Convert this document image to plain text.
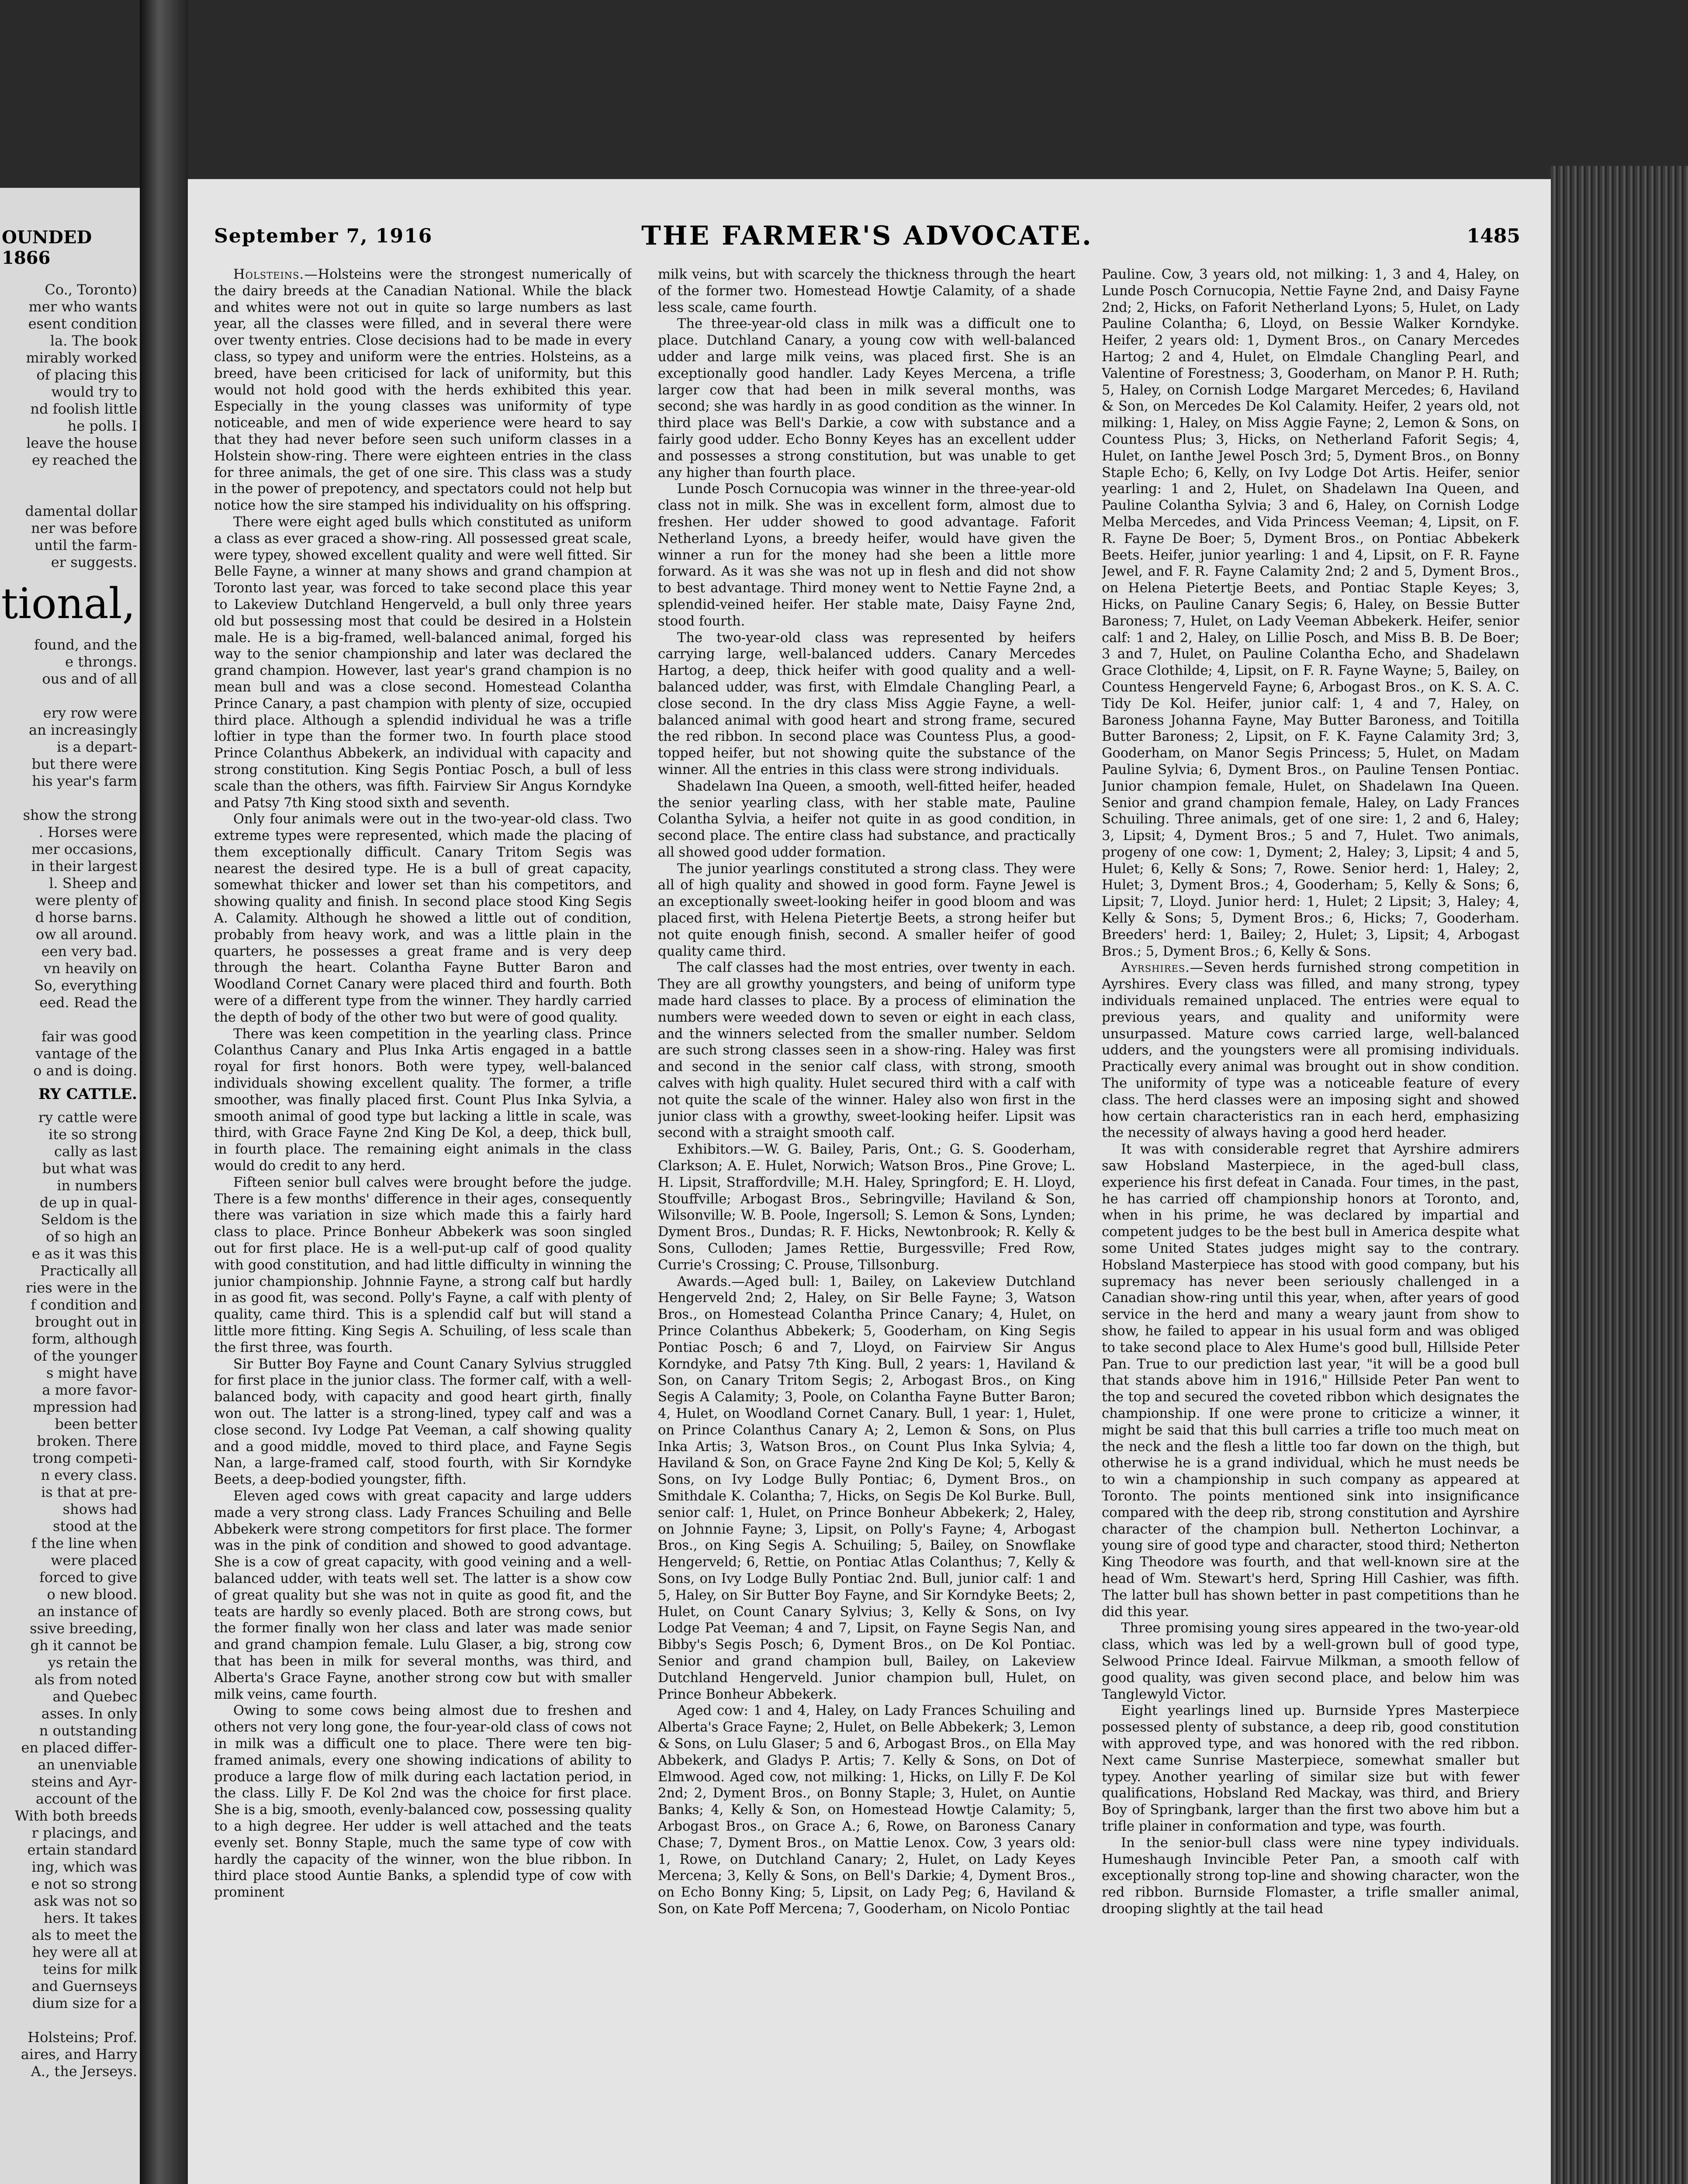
OUNDED 1866
Co., Toronto)
mer who wants
esent condition
la. The book
mirably worked
of placing this
would try to
nd foolish little
he polls. I
leave the house
ey reached the
damental dollar
ner was before
until the farm-
er suggests.
tional,
found, and the
e throngs.
ous and of all

ery row were
an increasingly
is a depart-
but there were
his year's farm

show the strong
. Horses were
mer occasions,
in their largest
l. Sheep and
were plenty of
d horse barns.
ow all around.
een very bad.
vn heavily on
So, everything
eed. Read the

fair was good
vantage of the
o and is doing.
RY CATTLE.
ry cattle were
ite so strong
cally as last
but what was
in numbers
de up in qual-
Seldom is the
of so high an
e as it was this
Practically all
ries were in the
f condition and
brought out in
form, although
of the younger
s might have
a more favor-
mpression had
been better
broken. There
trong competi-
n every class.
is that at pre-
shows had
stood at the
f the line when
were placed
forced to give
o new blood.
an instance of
ssive breeding,
gh it cannot be
ys retain the
als from noted
and Quebec
asses. In only
n outstanding
en placed differ-
an unenviable
steins and Ayr-
account of the
With both breeds
r placings, and
ertain standard
ing, which was
e not so strong
ask was not so
hers. It takes
als to meet the
hey were all at
teins for milk
and Guernseys
dium size for a

Holsteins; Prof.
aires, and Harry
A., the Jerseys.
September 7, 1916	THE FARMER'S ADVOCATE.	1485

Holsteins.—Holsteins were the strongest numerically of the dairy breeds at the Canadian National. While the black and whites were not out in quite so large numbers as last year, all the classes were filled, and in several there were over twenty entries. Close decisions had to be made in every class, so typey and uniform were the entries. Holsteins, as a breed, have been criticised for lack of uniformity, but this would not hold good with the herds exhibited this year. Especially in the young classes was uniformity of type noticeable, and men of wide experience were heard to say that they had never before seen such uniform classes in a Holstein show-ring. There were eighteen entries in the class for three animals, the get of one sire. This class was a study in the power of prepotency, and spectators could not help but notice how the sire stamped his individuality on his offspring.

There were eight aged bulls which constituted as uniform a class as ever graced a show-ring. All possessed great scale, were typey, showed excellent quality and were well fitted. Sir Belle Fayne, a winner at many shows and grand champion at Toronto last year, was forced to take second place this year to Lakeview Dutchland Hengerveld, a bull only three years old but possessing most that could be desired in a Holstein male. He is a big-framed, well-balanced animal, forged his way to the senior championship and later was declared the grand champion. However, last year's grand champion is no mean bull and was a close second. Homestead Colantha Prince Canary, a past champion with plenty of size, occupied third place. Although a splendid individual he was a trifle loftier in type than the former two. In fourth place stood Prince Colanthus Abbekerk, an individual with capacity and strong constitution. King Segis Pontiac Posch, a bull of less scale than the others, was fifth. Fairview Sir Angus Korndyke and Patsy 7th King stood sixth and seventh.

Only four animals were out in the two-year-old class. Two extreme types were represented, which made the placing of them exceptionally difficult. Canary Tritom Segis was nearest the desired type. He is a bull of great capacity, somewhat thicker and lower set than his competitors, and showing quality and finish. In second place stood King Segis A. Calamity. Although he showed a little out of condition, probably from heavy work, and was a little plain in the quarters, he possesses a great frame and is very deep through the heart. Colantha Fayne Butter Baron and Woodland Cornet Canary were placed third and fourth. Both were of a different type from the winner. They hardly carried the depth of body of the other two but were of good quality.

There was keen competition in the yearling class. Prince Colanthus Canary and Plus Inka Artis engaged in a battle royal for first honors. Both were typey, well-balanced individuals showing excellent quality. The former, a trifle smoother, was finally placed first. Count Plus Inka Sylvia, a smooth animal of good type but lacking a little in scale, was third, with Grace Fayne 2nd King De Kol, a deep, thick bull, in fourth place. The remaining eight animals in the class would do credit to any herd.

Fifteen senior bull calves were brought before the judge. There is a few months' difference in their ages, consequently there was variation in size which made this a fairly hard class to place. Prince Bonheur Abbekerk was soon singled out for first place. He is a well-put-up calf of good quality with good constitution, and had little difficulty in winning the junior championship. Johnnie Fayne, a strong calf but hardly in as good fit, was second. Polly's Fayne, a calf with plenty of quality, came third. This is a splendid calf but will stand a little more fitting. King Segis A. Schuiling, of less scale than the first three, was fourth.

Sir Butter Boy Fayne and Count Canary Sylvius struggled for first place in the junior class. The former calf, with a well-balanced body, with capacity and good heart girth, finally won out. The latter is a strong-lined, typey calf and was a close second. Ivy Lodge Pat Veeman, a calf showing quality and a good middle, moved to third place, and Fayne Segis Nan, a large-framed calf, stood fourth, with Sir Korndyke Beets, a deep-bodied youngster, fifth.

Eleven aged cows with great capacity and large udders made a very strong class. Lady Frances Schuiling and Belle Abbekerk were strong competitors for first place. The former was in the pink of condition and showed to good advantage. She is a cow of great capacity, with good veining and a well-balanced udder, with teats well set. The latter is a show cow of great quality but she was not in quite as good fit, and the teats are hardly so evenly placed. Both are strong cows, but the former finally won her class and later was made senior and grand champion female. Lulu Glaser, a big, strong cow that has been in milk for several months, was third, and Alberta's Grace Fayne, another strong cow but with smaller milk veins, came fourth.

Owing to some cows being almost due to freshen and others not very long gone, the four-year-old class of cows not in milk was a difficult one to place. There were ten big-framed animals, every one showing indications of ability to produce a large flow of milk during each lactation period, in the class. Lilly F. De Kol 2nd was the choice for first place. She is a big, smooth, evenly-balanced cow, possessing quality to a high degree. Her udder is well attached and the teats evenly set. Bonny Staple, much the same type of cow with hardly the capacity of the winner, won the blue ribbon. In third place stood Auntie Banks, a splendid type of cow with prominent

milk veins, but with scarcely the thickness through the heart of the former two. Homestead Howtje Calamity, of a shade less scale, came fourth.

The three-year-old class in milk was a difficult one to place. Dutchland Canary, a young cow with well-balanced udder and large milk veins, was placed first. She is an exceptionally good handler. Lady Keyes Mercena, a trifle larger cow that had been in milk several months, was second; she was hardly in as good condition as the winner. In third place was Bell's Darkie, a cow with substance and a fairly good udder. Echo Bonny Keyes has an excellent udder and possesses a strong constitution, but was unable to get any higher than fourth place.

Lunde Posch Cornucopia was winner in the three-year-old class not in milk. She was in excellent form, almost due to freshen. Her udder showed to good advantage. Faforit Netherland Lyons, a breedy heifer, would have given the winner a run for the money had she been a little more forward. As it was she was not up in flesh and did not show to best advantage. Third money went to Nettie Fayne 2nd, a splendid-veined heifer. Her stable mate, Daisy Fayne 2nd, stood fourth.

The two-year-old class was represented by heifers carrying large, well-balanced udders. Canary Mercedes Hartog, a deep, thick heifer with good quality and a well-balanced udder, was first, with Elmdale Changling Pearl, a close second. In the dry class Miss Aggie Fayne, a well-balanced animal with good heart and strong frame, secured the red ribbon. In second place was Countess Plus, a good-topped heifer, but not showing quite the substance of the winner. All the entries in this class were strong individuals.

Shadelawn Ina Queen, a smooth, well-fitted heifer, headed the senior yearling class, with her stable mate, Pauline Colantha Sylvia, a heifer not quite in as good condition, in second place. The entire class had substance, and practically all showed good udder formation.

The junior yearlings constituted a strong class. They were all of high quality and showed in good form. Fayne Jewel is an exceptionally sweet-looking heifer in good bloom and was placed first, with Helena Pietertje Beets, a strong heifer but not quite enough finish, second. A smaller heifer of good quality came third.

The calf classes had the most entries, over twenty in each. They are all growthy youngsters, and being of uniform type made hard classes to place. By a process of elimination the numbers were weeded down to seven or eight in each class, and the winners selected from the smaller number. Seldom are such strong classes seen in a show-ring. Haley was first and second in the senior calf class, with strong, smooth calves with high quality. Hulet secured third with a calf with not quite the scale of the winner. Haley also won first in the junior class with a growthy, sweet-looking heifer. Lipsit was second with a straight smooth calf.

Exhibitors.—W. G. Bailey, Paris, Ont.; G. S. Gooderham, Clarkson; A. E. Hulet, Norwich; Watson Bros., Pine Grove; L. H. Lipsit, Straffordville; M.H. Haley, Springford; E. H. Lloyd, Stouffville; Arbogast Bros., Sebringville; Haviland & Son, Wilsonville; W. B. Poole, Ingersoll; S. Lemon & Sons, Lynden; Dyment Bros., Dundas; R. F. Hicks, Newtonbrook; R. Kelly & Sons, Culloden; James Rettie, Burgessville; Fred Row, Currie's Crossing; C. Prouse, Tillsonburg.

Awards.—Aged bull: 1, Bailey, on Lakeview Dutchland Hengerveld 2nd; 2, Haley, on Sir Belle Fayne; 3, Watson Bros., on Homestead Colantha Prince Canary; 4, Hulet, on Prince Colanthus Abbekerk; 5, Gooderham, on King Segis Pontiac Posch; 6 and 7, Lloyd, on Fairview Sir Angus Korndyke, and Patsy 7th King. Bull, 2 years: 1, Haviland & Son, on Canary Tritom Segis; 2, Arbogast Bros., on King Segis A Calamity; 3, Poole, on Colantha Fayne Butter Baron; 4, Hulet, on Woodland Cornet Canary. Bull, 1 year: 1, Hulet, on Prince Colanthus Canary A; 2, Lemon & Sons, on Plus Inka Artis; 3, Watson Bros., on Count Plus Inka Sylvia; 4, Haviland & Son, on Grace Fayne 2nd King De Kol; 5, Kelly & Sons, on Ivy Lodge Bully Pontiac; 6, Dyment Bros., on Smithdale K. Colantha; 7, Hicks, on Segis De Kol Burke. Bull, senior calf: 1, Hulet, on Prince Bonheur Abbekerk; 2, Haley, on Johnnie Fayne; 3, Lipsit, on Polly's Fayne; 4, Arbogast Bros., on King Segis A. Schuiling; 5, Bailey, on Snowflake Hengerveld; 6, Rettie, on Pontiac Atlas Colanthus; 7, Kelly & Sons, on Ivy Lodge Bully Pontiac 2nd. Bull, junior calf: 1 and 5, Haley, on Sir Butter Boy Fayne, and Sir Korndyke Beets; 2, Hulet, on Count Canary Sylvius; 3, Kelly & Sons, on Ivy Lodge Pat Veeman; 4 and 7, Lipsit, on Fayne Segis Nan, and Bibby's Segis Posch; 6, Dyment Bros., on De Kol Pontiac. Senior and grand champion bull, Bailey, on Lakeview Dutchland Hengerveld. Junior champion bull, Hulet, on Prince Bonheur Abbekerk.

Aged cow: 1 and 4, Haley, on Lady Frances Schuiling and Alberta's Grace Fayne; 2, Hulet, on Belle Abbekerk; 3, Lemon & Sons, on Lulu Glaser; 5 and 6, Arbogast Bros., on Ella May Abbekerk, and Gladys P. Artis; 7. Kelly & Sons, on Dot of Elmwood. Aged cow, not milking: 1, Hicks, on Lilly F. De Kol 2nd; 2, Dyment Bros., on Bonny Staple; 3, Hulet, on Auntie Banks; 4, Kelly & Son, on Homestead Howtje Calamity; 5, Arbogast Bros., on Grace A.; 6, Rowe, on Baroness Canary Chase; 7, Dyment Bros., on Mattie Lenox. Cow, 3 years old: 1, Rowe, on Dutchland Canary; 2, Hulet, on Lady Keyes Mercena; 3, Kelly & Sons, on Bell's Darkie; 4, Dyment Bros., on Echo Bonny King; 5, Lipsit, on Lady Peg; 6, Haviland & Son, on Kate Poff Mercena; 7, Gooderham, on Nicolo Pontiac

Pauline. Cow, 3 years old, not milking: 1, 3 and 4, Haley, on Lunde Posch Cornucopia, Nettie Fayne 2nd, and Daisy Fayne 2nd; 2, Hicks, on Faforit Netherland Lyons; 5, Hulet, on Lady Pauline Colantha; 6, Lloyd, on Bessie Walker Korndyke. Heifer, 2 years old: 1, Dyment Bros., on Canary Mercedes Hartog; 2 and 4, Hulet, on Elmdale Changling Pearl, and Valentine of Forestness; 3, Gooderham, on Manor P. H. Ruth; 5, Haley, on Cornish Lodge Margaret Mercedes; 6, Haviland & Son, on Mercedes De Kol Calamity. Heifer, 2 years old, not milking: 1, Haley, on Miss Aggie Fayne; 2, Lemon & Sons, on Countess Plus; 3, Hicks, on Netherland Faforit Segis; 4, Hulet, on Ianthe Jewel Posch 3rd; 5, Dyment Bros., on Bonny Staple Echo; 6, Kelly, on Ivy Lodge Dot Artis. Heifer, senior yearling: 1 and 2, Hulet, on Shadelawn Ina Queen, and Pauline Colantha Sylvia; 3 and 6, Haley, on Cornish Lodge Melba Mercedes, and Vida Princess Veeman; 4, Lipsit, on F. R. Fayne De Boer; 5, Dyment Bros., on Pontiac Abbekerk Beets. Heifer, junior yearling: 1 and 4, Lipsit, on F. R. Fayne Jewel, and F. R. Fayne Calamity 2nd; 2 and 5, Dyment Bros., on Helena Pietertje Beets, and Pontiac Staple Keyes; 3, Hicks, on Pauline Canary Segis; 6, Haley, on Bessie Butter Baroness; 7, Hulet, on Lady Veeman Abbekerk. Heifer, senior calf: 1 and 2, Haley, on Lillie Posch, and Miss B. B. De Boer; 3 and 7, Hulet, on Pauline Colantha Echo, and Shadelawn Grace Clothilde; 4, Lipsit, on F. R. Fayne Wayne; 5, Bailey, on Countess Hengerveld Fayne; 6, Arbogast Bros., on K. S. A. C. Tidy De Kol. Heifer, junior calf: 1, 4 and 7, Haley, on Baroness Johanna Fayne, May Butter Baroness, and Toitilla Butter Baroness; 2, Lipsit, on F. K. Fayne Calamity 3rd; 3, Gooderham, on Manor Segis Princess; 5, Hulet, on Madam Pauline Sylvia; 6, Dyment Bros., on Pauline Tensen Pontiac. Junior champion female, Hulet, on Shadelawn Ina Queen. Senior and grand champion female, Haley, on Lady Frances Schuiling. Three animals, get of one sire: 1, 2 and 6, Haley; 3, Lipsit; 4, Dyment Bros.; 5 and 7, Hulet. Two animals, progeny of one cow: 1, Dyment; 2, Haley; 3, Lipsit; 4 and 5, Hulet; 6, Kelly & Sons; 7, Rowe. Senior herd: 1, Haley; 2, Hulet; 3, Dyment Bros.; 4, Gooderham; 5, Kelly & Sons; 6, Lipsit; 7, Lloyd. Junior herd: 1, Hulet; 2 Lipsit; 3, Haley; 4, Kelly & Sons; 5, Dyment Bros.; 6, Hicks; 7, Gooderham. Breeders' herd: 1, Bailey; 2, Hulet; 3, Lipsit; 4, Arbogast Bros.; 5, Dyment Bros.; 6, Kelly & Sons.

Ayrshires.—Seven herds furnished strong competition in Ayrshires. Every class was filled, and many strong, typey individuals remained unplaced. The entries were equal to previous years, and quality and uniformity were unsurpassed. Mature cows carried large, well-balanced udders, and the youngsters were all promising individuals. Practically every animal was brought out in show condition. The uniformity of type was a noticeable feature of every class. The herd classes were an imposing sight and showed how certain characteristics ran in each herd, emphasizing the necessity of always having a good herd header.

It was with considerable regret that Ayrshire admirers saw Hobsland Masterpiece, in the aged-bull class, experience his first defeat in Canada. Four times, in the past, he has carried off championship honors at Toronto, and, when in his prime, he was declared by impartial and competent judges to be the best bull in America despite what some United States judges might say to the contrary. Hobsland Masterpiece has stood with good company, but his supremacy has never been seriously challenged in a Canadian show-ring until this year, when, after years of good service in the herd and many a weary jaunt from show to show, he failed to appear in his usual form and was obliged to take second place to Alex Hume's good bull, Hillside Peter Pan. True to our prediction last year, "it will be a good bull that stands above him in 1916," Hillside Peter Pan went to the top and secured the coveted ribbon which designates the championship. If one were prone to criticize a winner, it might be said that this bull carries a trifle too much meat on the neck and the flesh a little too far down on the thigh, but otherwise he is a grand individual, which he must needs be to win a championship in such company as appeared at Toronto. The points mentioned sink into insignificance compared with the deep rib, strong constitution and Ayrshire character of the champion bull. Netherton Lochinvar, a young sire of good type and character, stood third; Netherton King Theodore was fourth, and that well-known sire at the head of Wm. Stewart's herd, Spring Hill Cashier, was fifth. The latter bull has shown better in past competitions than he did this year.

Three promising young sires appeared in the two-year-old class, which was led by a well-grown bull of good type, Selwood Prince Ideal. Fairvue Milkman, a smooth fellow of good quality, was given second place, and below him was Tanglewyld Victor.

Eight yearlings lined up. Burnside Ypres Masterpiece possessed plenty of substance, a deep rib, good constitution with approved type, and was honored with the red ribbon. Next came Sunrise Masterpiece, somewhat smaller but typey. Another yearling of similar size but with fewer qualifications, Hobsland Red Mackay, was third, and Briery Boy of Springbank, larger than the first two above him but a trifle plainer in conformation and type, was fourth.

In the senior-bull class were nine typey individuals. Humeshaugh Invincible Peter Pan, a smooth calf with exceptionally strong top-line and showing character, won the red ribbon. Burnside Flomaster, a trifle smaller animal, drooping slightly at the tail head
